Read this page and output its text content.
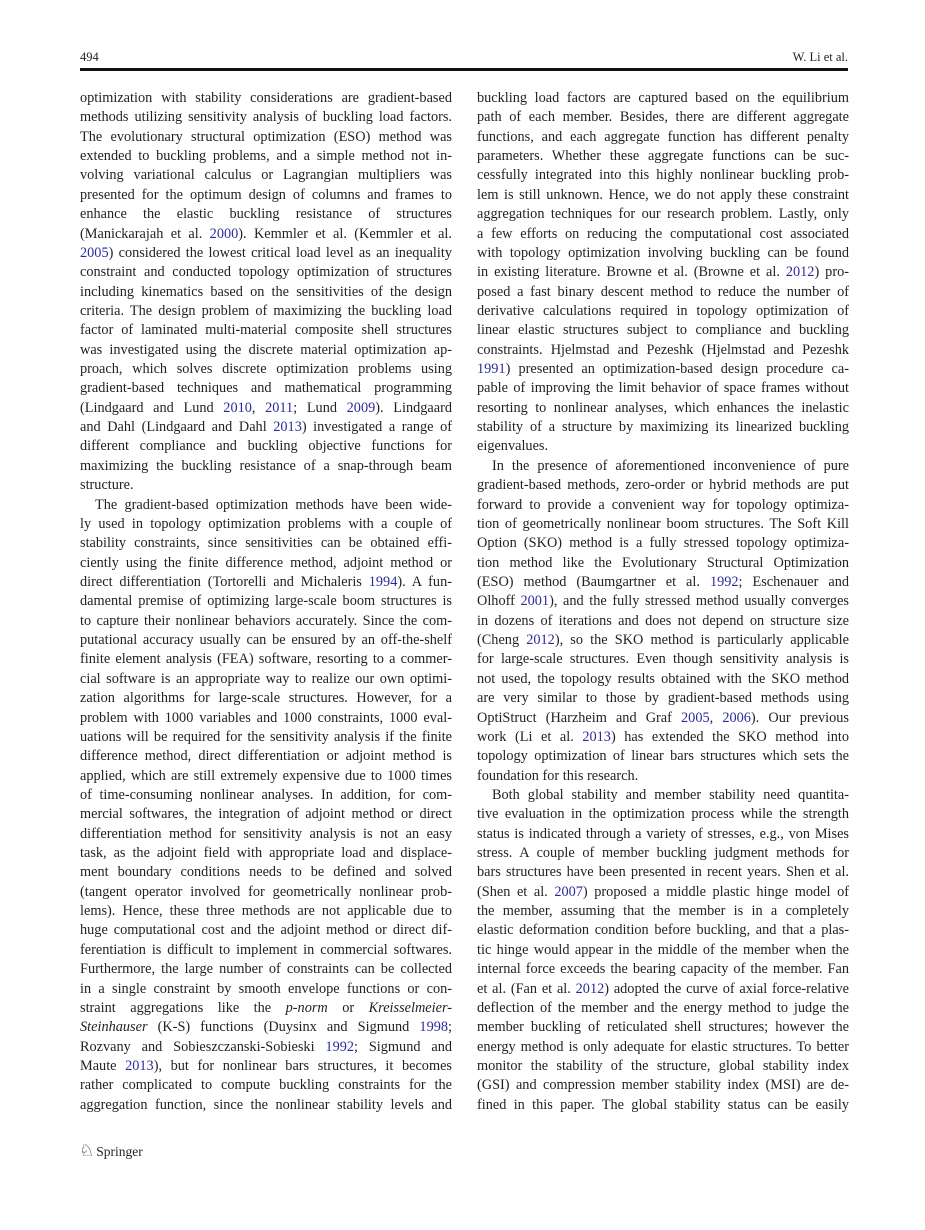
494	W. Li et al.
optimization with stability considerations are gradient-based
methods utilizing sensitivity analysis of buckling load factors.
The evolutionary structural optimization (ESO) method was
extended to buckling problems, and a simple method not in-
volving variational calculus or Lagrangian multipliers was
presented for the optimum design of columns and frames to
enhance the elastic buckling resistance of structures
(Manickarajah et al. 2000). Kemmler et al. (Kemmler et al.
2005) considered the lowest critical load level as an inequality
constraint and conducted topology optimization of structures
including kinematics based on the sensitivities of the design
criteria. The design problem of maximizing the buckling load
factor of laminated multi-material composite shell structures
was investigated using the discrete material optimization ap-
proach, which solves discrete optimization problems using
gradient-based techniques and mathematical programming
(Lindgaard and Lund 2010, 2011; Lund 2009). Lindgaard
and Dahl (Lindgaard and Dahl 2013) investigated a range of
different compliance and buckling objective functions for
maximizing the buckling resistance of a snap-through beam
structure.
The gradient-based optimization methods have been wide-
ly used in topology optimization problems with a couple of
stability constraints, since sensitivities can be obtained effi-
ciently using the finite difference method, adjoint method or
direct differentiation (Tortorelli and Michaleris 1994). A fun-
damental premise of optimizing large-scale boom structures is
to capture their nonlinear behaviors accurately. Since the com-
putational accuracy usually can be ensured by an off-the-shelf
finite element analysis (FEA) software, resorting to a commer-
cial software is an appropriate way to realize our own optimi-
zation algorithms for large-scale structures. However, for a
problem with 1000 variables and 1000 constraints, 1000 eval-
uations will be required for the sensitivity analysis if the finite
difference method, direct differentiation or adjoint method is
applied, which are still extremely expensive due to 1000 times
of time-consuming nonlinear analyses. In addition, for com-
mercial softwares, the integration of adjoint method or direct
differentiation method for sensitivity analysis is not an easy
task, as the adjoint field with appropriate load and displace-
ment boundary conditions needs to be defined and solved
(tangent operator involved for geometrically nonlinear prob-
lems). Hence, these three methods are not applicable due to
huge computational cost and the adjoint method or direct dif-
ferentiation is difficult to implement in commercial softwares.
Furthermore, the large number of constraints can be collected
in a single constraint by smooth envelope functions or con-
straint aggregations like the p-norm or Kreisselmeier-
Steinhauser (K-S) functions (Duysinx and Sigmund 1998;
Rozvany and Sobieszczanski-Sobieski 1992; Sigmund and
Maute 2013), but for nonlinear bars structures, it becomes
rather complicated to compute buckling constraints for the
aggregation function, since the nonlinear stability levels and
buckling load factors are captured based on the equilibrium
path of each member. Besides, there are different aggregate
functions, and each aggregate function has different penalty
parameters. Whether these aggregate functions can be suc-
cessfully integrated into this highly nonlinear buckling prob-
lem is still unknown. Hence, we do not apply these constraint
aggregation techniques for our research problem. Lastly, only
a few efforts on reducing the computational cost associated
with topology optimization involving buckling can be found
in existing literature. Browne et al. (Browne et al. 2012) pro-
posed a fast binary descent method to reduce the number of
derivative calculations required in topology optimization of
linear elastic structures subject to compliance and buckling
constraints. Hjelmstad and Pezeshk (Hjelmstad and Pezeshk
1991) presented an optimization-based design procedure ca-
pable of improving the limit behavior of space frames without
resorting to nonlinear analyses, which enhances the inelastic
stability of a structure by maximizing its linearized buckling
eigenvalues.
In the presence of aforementioned inconvenience of pure
gradient-based methods, zero-order or hybrid methods are put
forward to provide a convenient way for topology optimiza-
tion of geometrically nonlinear boom structures. The Soft Kill
Option (SKO) method is a fully stressed topology optimiza-
tion method like the Evolutionary Structural Optimization
(ESO) method (Baumgartner et al. 1992; Eschenauer and
Olhoff 2001), and the fully stressed method usually converges
in dozens of iterations and does not depend on structure size
(Cheng 2012), so the SKO method is particularly applicable
for large-scale structures. Even though sensitivity analysis is
not used, the topology results obtained with the SKO method
are very similar to those by gradient-based methods using
OptiStruct (Harzheim and Graf 2005, 2006). Our previous
work (Li et al. 2013) has extended the SKO method into
topology optimization of linear bars structures which sets the
foundation for this research.
Both global stability and member stability need quantita-
tive evaluation in the optimization process while the strength
status is indicated through a variety of stresses, e.g., von Mises
stress. A couple of member buckling judgment methods for
bars structures have been presented in recent years. Shen et al.
(Shen et al. 2007) proposed a middle plastic hinge model of
the member, assuming that the member is in a completely
elastic deformation condition before buckling, and that a plas-
tic hinge would appear in the middle of the member when the
internal force exceeds the bearing capacity of the member. Fan
et al. (Fan et al. 2012) adopted the curve of axial force-relative
deflection of the member and the energy method to judge the
member buckling of reticulated shell structures; however the
energy method is only adequate for elastic structures. To better
monitor the stability of the structure, global stability index
(GSI) and compression member stability index (MSI) are de-
fined in this paper. The global stability status can be easily
♘ Springer
